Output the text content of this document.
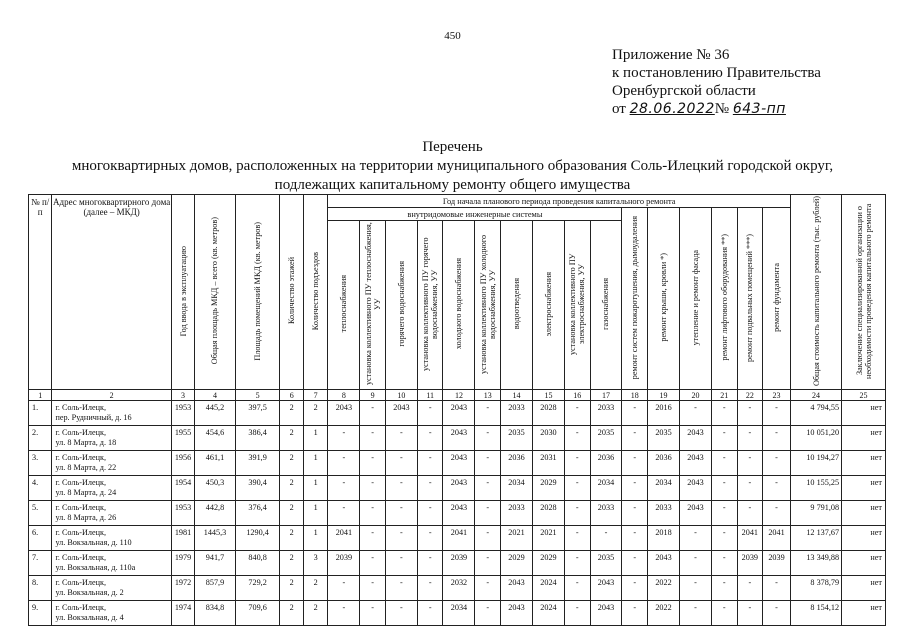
450
Приложение № 36
к постановлению Правительства
Оренбургской области
от 28.06.2022№ 643-пп
Перечень
многоквартирных домов, расположенных на территории муниципального образования Соль-Илецкий городской округ,
подлежащих капитальному ремонту общего имущества
№ п/п	Адрес многоквартирного дома (далее – МКД)	Год ввода в эксплуатацию	Общая площадь МКД – всего (кв. метров)	Площадь помещений МКД (кв. метров)	Количество этажей	Количество подъездов	Год начала планового периода проведения капитального ремонта																Общая стоимость капитального ремонта (тыс. рублей)	Заключение специализированной организации о необходимости проведения капитального ремонта
							внутридомовые инженерные системы										ремонт систем пожаротушения, дымоудаления	ремонт крыши, кровли *)	утепление и ремонт фасада	ремонт лифтового оборудования **)	ремонт подвальных помещений ***)	ремонт фундамента		
							теплоснабжения	установка коллективного ПУ теплоснабжения, УУ	горячего водоснабжения	установка коллективного ПУ горячего водоснабжения, УУ	холодного водоснабжения	установка коллективного ПУ холодного водоснабжения, УУ	водоотведения	электроснабжения	установка коллективного ПУ электроснабжения, УУ	газоснабжения								
1	2	3	4	5	6	7	8	9	10	11	12	13	14	15	16	17	18	19	20	21	22	23	24	25
1.	г. Соль-Илецк,
пер. Рудничный, д. 16	1953	445,2	397,5	2	2	2043	-	2043	-	2043	-	2033	2028	-	2033	-	2016	-	-	-	-	4 794,55	нет
2.	г. Соль-Илецк,
ул. 8 Марта, д. 18	1955	454,6	386,4	2	1	-	-	-	-	2043	-	2035	2030	-	2035	-	2035	2043	-	-	-	10 051,20	нет
3.	г. Соль-Илецк,
ул. 8 Марта, д. 22	1956	461,1	391,9	2	1	-	-	-	-	2043	-	2036	2031	-	2036	-	2036	2043	-	-	-	10 194,27	нет
4.	г. Соль-Илецк,
ул. 8 Марта, д. 24	1954	450,3	390,4	2	1	-	-	-	-	2043	-	2034	2029	-	2034	-	2034	2043	-	-	-	10 155,25	нет
5.	г. Соль-Илецк,
ул. 8 Марта, д. 26	1953	442,8	376,4	2	1	-	-	-	-	2043	-	2033	2028	-	2033	-	2033	2043	-	-	-	9 791,08	нет
6.	г. Соль-Илецк,
ул. Вокзальная, д. 110	1981	1445,3	1290,4	2	1	2041	-	-	-	2041	-	2021	2021	-	-	-	2018	-	-	2041	2041	12 137,67	нет
7.	г. Соль-Илецк,
ул. Вокзальная, д. 110а	1979	941,7	840,8	2	3	2039	-	-	-	2039	-	2029	2029	-	2035	-	2043	-	-	2039	2039	13 349,88	нет
8.	г. Соль-Илецк,
ул. Вокзальная, д. 2	1972	857,9	729,2	2	2	-	-	-	-	2032	-	2043	2024	-	2043	-	2022	-	-	-	-	8 378,79	нет
9.	г. Соль-Илецк,
ул. Вокзальная, д. 4	1974	834,8	709,6	2	2	-	-	-	-	2034	-	2043	2024	-	2043	-	2022	-	-	-	-	8 154,12	нет
